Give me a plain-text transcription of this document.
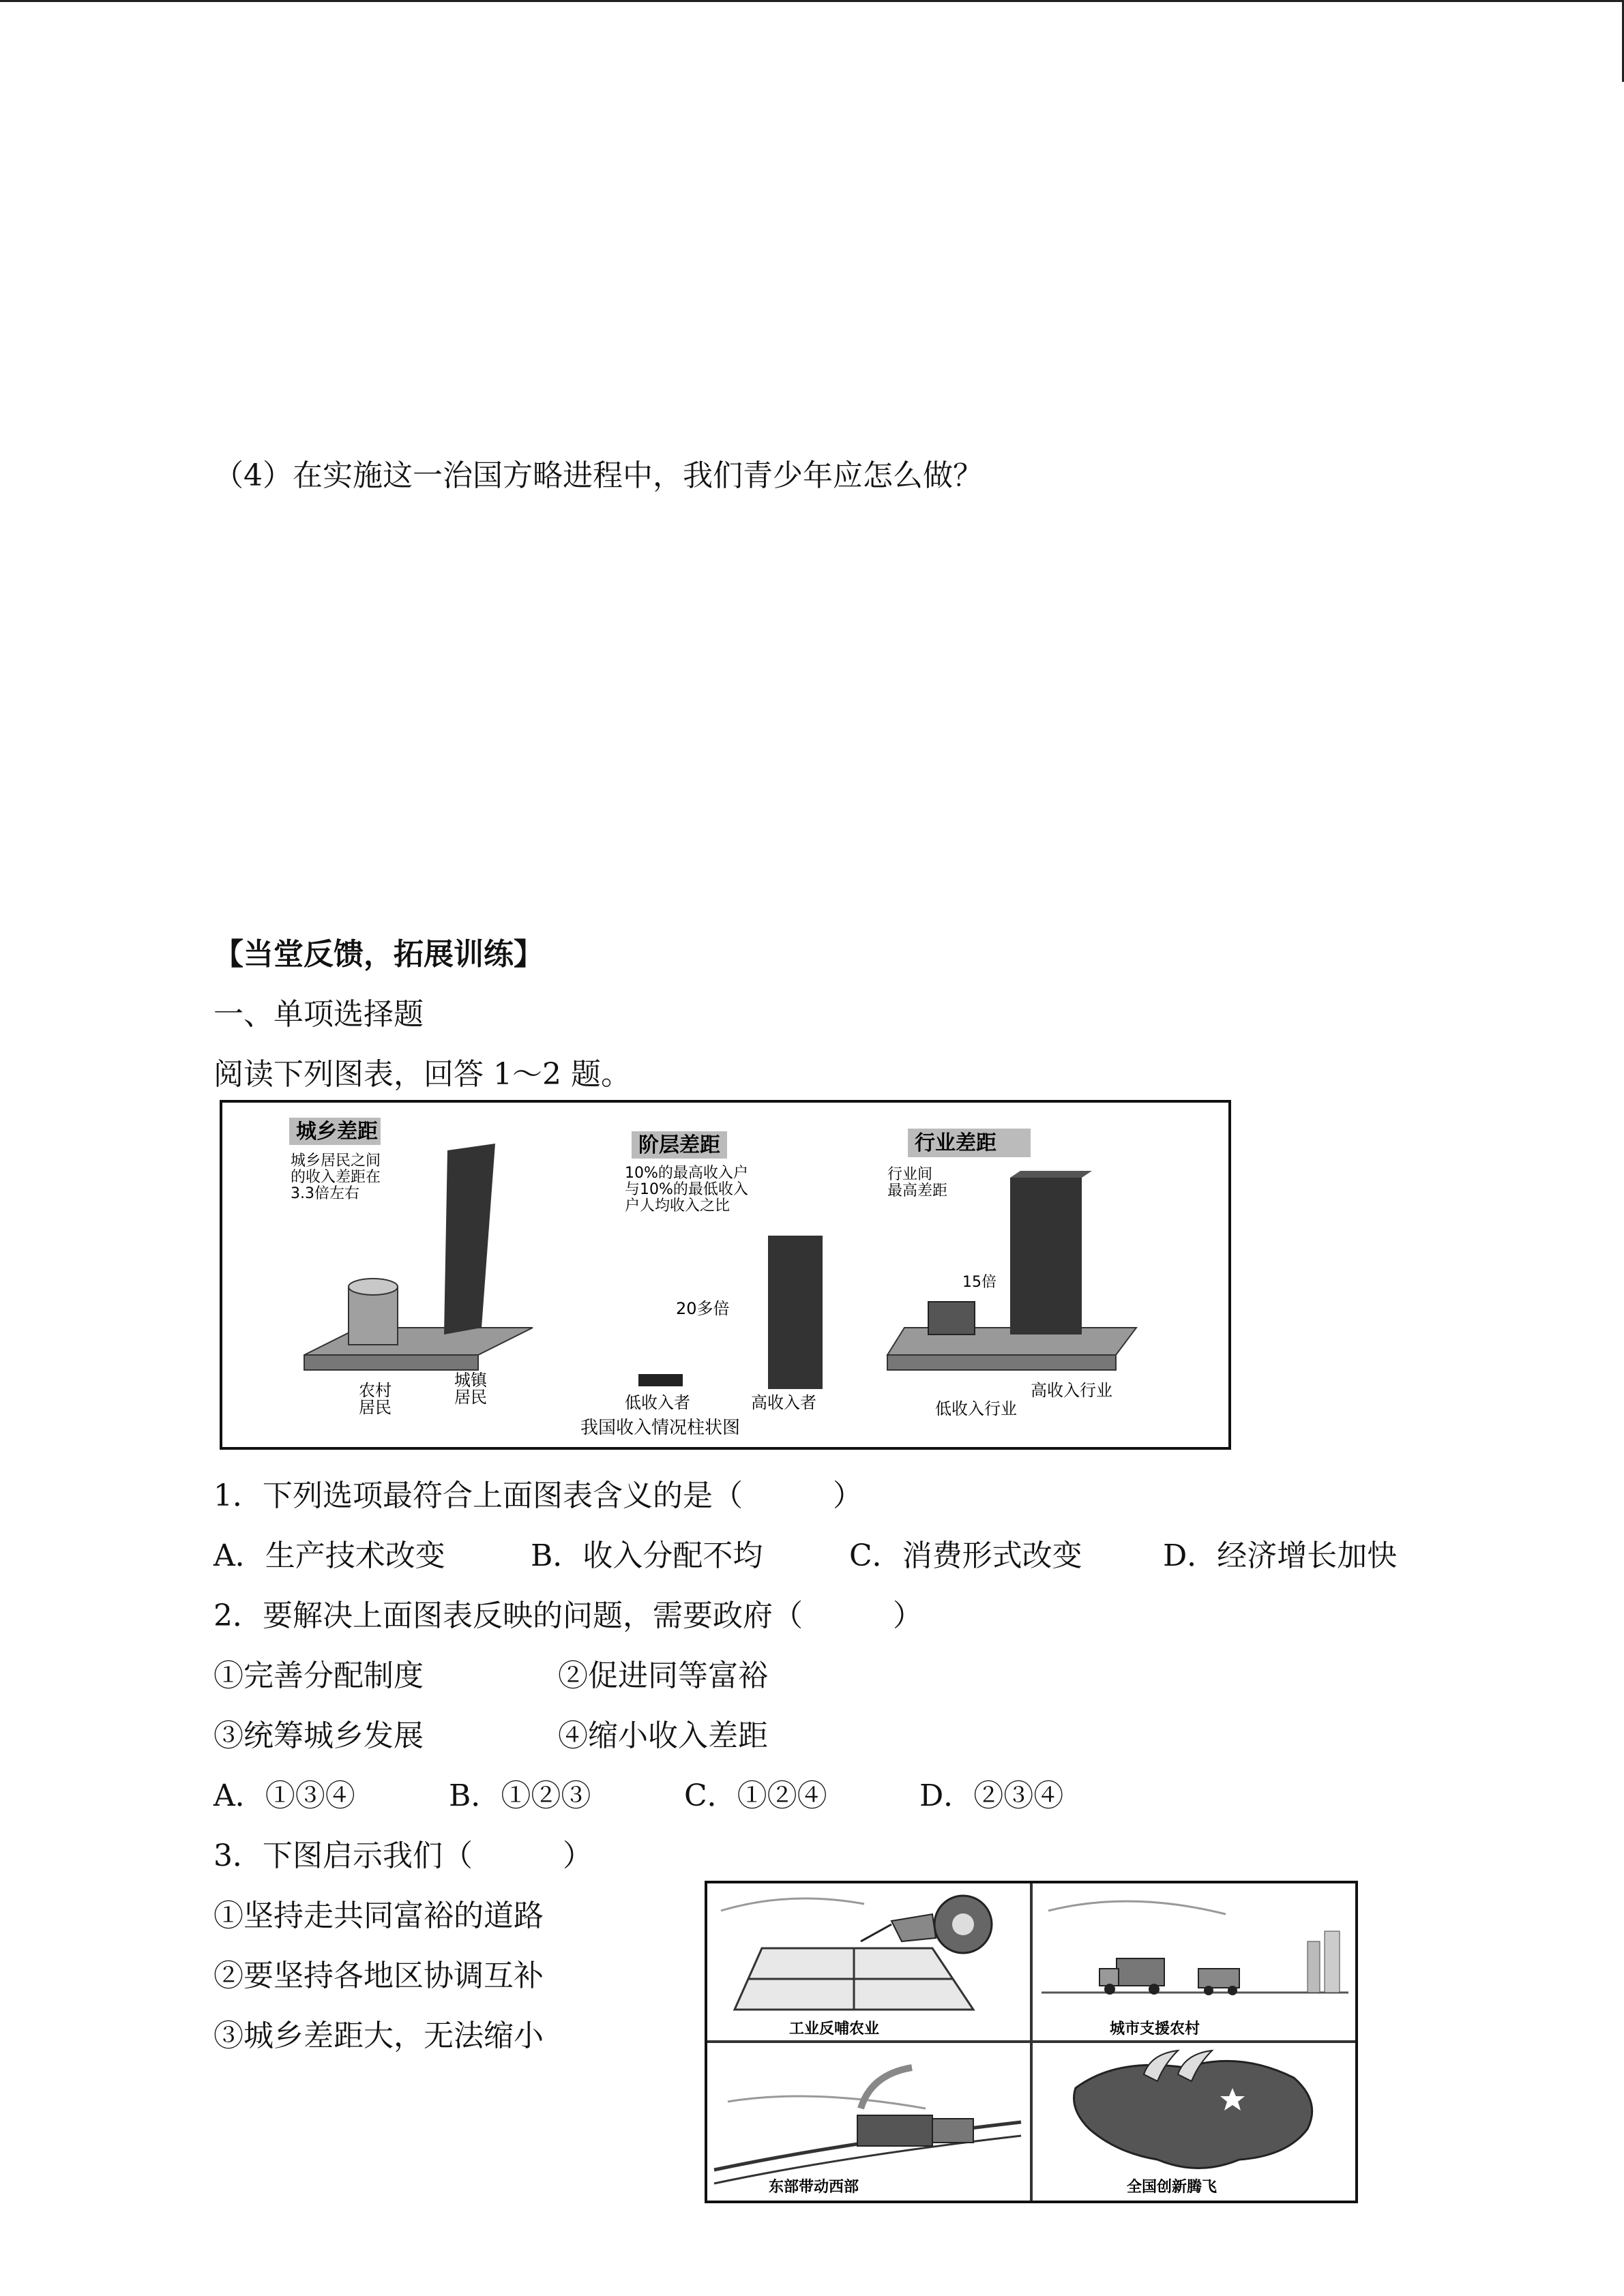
（4）在实施这一治国方略进程中，我们青少年应怎么做？
【当堂反馈，拓展训练】
一、单项选择题
阅读下列图表，回答 1～2 题。
城乡差距
城乡居民之间
的收入差距在
3.3倍左右
农村
居民
城镇
居民
阶层差距
10%的最高收入户
与10%的最低收入
户人均收入之比
20多倍
低收入者	高收入者
我国收入情况柱状图
行业差距
行业间
最高差距
15倍
高收入行业
低收入行业
1．下列选项最符合上面图表含义的是（　　　）
A．生产技术改变	B．收入分配不均	C．消费形式改变	D．经济增长加快
2．要解决上面图表反映的问题，需要政府（　　　）
①完善分配制度	②促进同等富裕
③统筹城乡发展	④缩小收入差距
A．①③④	B．①②③	C．①②④	D．②③④
3．下图启示我们（　　　）
①坚持走共同富裕的道路
②要坚持各地区协调互补
③城乡差距大，无法缩小	工业反哺农业	城市支援农村
东部带动西部	全国创新腾飞
